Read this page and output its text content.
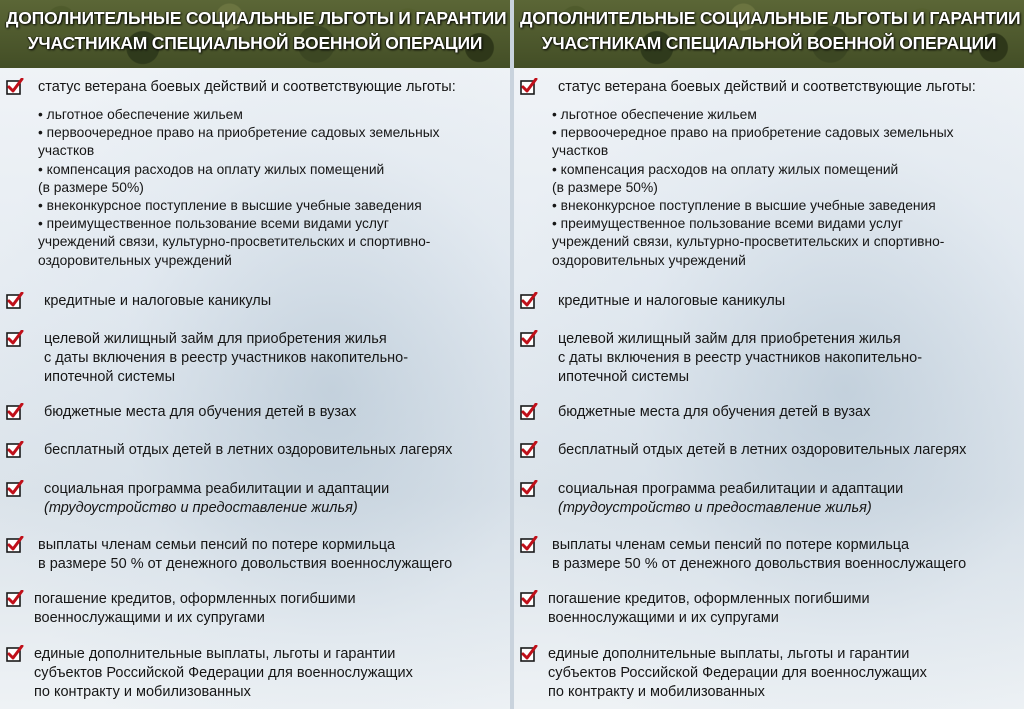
ДОПОЛНИТЕЛЬНЫЕ СОЦИАЛЬНЫЕ ЛЬГОТЫ И ГАРАНТИИ
УЧАСТНИКАМ СПЕЦИАЛЬНОЙ ВОЕННОЙ ОПЕРАЦИИ
статус ветерана боевых действий и соответствующие льготы:
• льготное обеспечение жильем
• первоочередное право на приобретение садовых земельных
участков
• компенсация расходов на оплату жилых помещений
(в размере 50%)
• внеконкурсное поступление в высшие учебные заведения
• преимущественное пользование всеми видами услуг
учреждений связи, культурно-просветительских и спортивно-
оздоровительных учреждений
кредитные и налоговые каникулы
целевой жилищный займ для приобретения жилья
с даты включения в реестр участников накопительно-
ипотечной системы
бюджетные места для обучения детей в вузах
бесплатный отдых детей в летних оздоровительных лагерях
социальная программа реабилитации и адаптации
(трудоустройство и предоставление жилья)
выплаты членам семьи пенсий по потере кормильца
в размере 50 % от денежного довольствия военнослужащего
погашение кредитов, оформленных погибшими
военнослужащими и их супругами
единые дополнительные выплаты, льготы и гарантии
субъектов Российской Федерации для военнослужащих
по контракту и мобилизованных
ДОПОЛНИТЕЛЬНЫЕ СОЦИАЛЬНЫЕ ЛЬГОТЫ И ГАРАНТИИ
УЧАСТНИКАМ СПЕЦИАЛЬНОЙ ВОЕННОЙ ОПЕРАЦИИ
статус ветерана боевых действий и соответствующие льготы:
• льготное обеспечение жильем
• первоочередное право на приобретение садовых земельных
участков
• компенсация расходов на оплату жилых помещений
(в размере 50%)
• внеконкурсное поступление в высшие учебные заведения
• преимущественное пользование всеми видами услуг
учреждений связи, культурно-просветительских и спортивно-
оздоровительных учреждений
кредитные и налоговые каникулы
целевой жилищный займ для приобретения жилья
с даты включения в реестр участников накопительно-
ипотечной системы
бюджетные места для обучения детей в вузах
бесплатный отдых детей в летних оздоровительных лагерях
социальная программа реабилитации и адаптации
(трудоустройство и предоставление жилья)
выплаты членам семьи пенсий по потере кормильца
в размере 50 % от денежного довольствия военнослужащего
погашение кредитов, оформленных погибшими
военнослужащими и их супругами
единые дополнительные выплаты, льготы и гарантии
субъектов Российской Федерации для военнослужащих
по контракту и мобилизованных
